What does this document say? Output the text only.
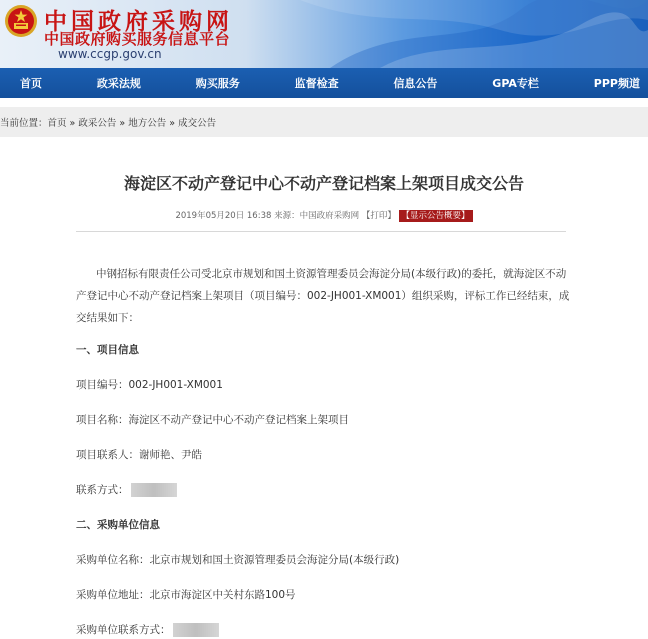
中国政府采购网
中国政府购买服务信息平台
www.ccgp.gov.cn
首页	政采法规	购买服务	监督检查	信息公告	GPA专栏	PPP频道
当前位置：首页 » 政采公告 » 地方公告 » 成交公告
海淀区不动产登记中心不动产登记档案上架项目成交公告
2019年05月20日 16:38 来源：中国政府采购网 【打印】 【显示公告概要】
中钢招标有限责任公司受北京市规划和国土资源管理委员会海淀分局(本级行政)的委托，就海淀区不动产登记中心不动产登记档案上架项目（项目编号：002-JH001-XM001）组织采购，评标工作已经结束，成交结果如下：
一、项目信息
项目编号：002-JH001-XM001
项目名称：海淀区不动产登记中心不动产登记档案上架项目
项目联系人：谢师艳、尹皓
联系方式：
二、采购单位信息
采购单位名称：北京市规划和国土资源管理委员会海淀分局(本级行政)
采购单位地址：北京市海淀区中关村东路100号
采购单位联系方式：
